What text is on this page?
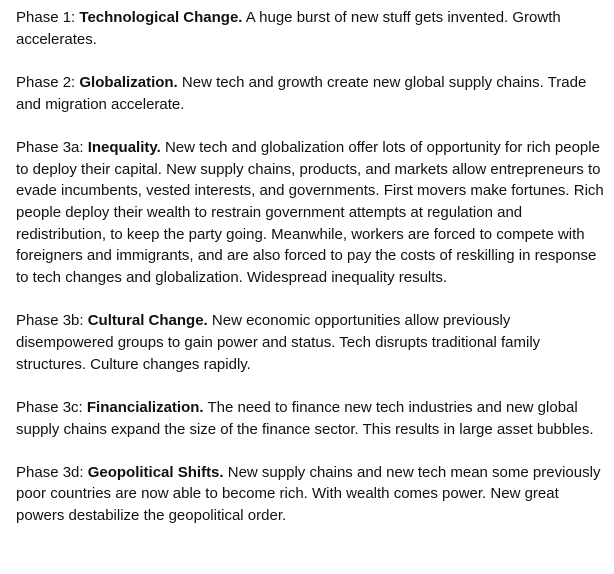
Phase 1: Technological Change. A huge burst of new stuff gets invented. Growth accelerates.

Phase 2: Globalization. New tech and growth create new global supply chains. Trade and migration accelerate.

Phase 3a: Inequality. New tech and globalization offer lots of opportunity for rich people to deploy their capital. New supply chains, products, and markets allow entrepreneurs to evade incumbents, vested interests, and governments. First movers make fortunes. Rich people deploy their wealth to restrain government attempts at regulation and redistribution, to keep the party going. Meanwhile, workers are forced to compete with foreigners and immigrants, and are also forced to pay the costs of reskilling in response to tech changes and globalization. Widespread inequality results.

Phase 3b: Cultural Change. New economic opportunities allow previously disempowered groups to gain power and status. Tech disrupts traditional family structures. Culture changes rapidly.

Phase 3c: Financialization. The need to finance new tech industries and new global supply chains expand the size of the finance sector. This results in large asset bubbles.

Phase 3d: Geopolitical Shifts. New supply chains and new tech mean some previously poor countries are now able to become rich. With wealth comes power. New great powers destabilize the geopolitical order.
